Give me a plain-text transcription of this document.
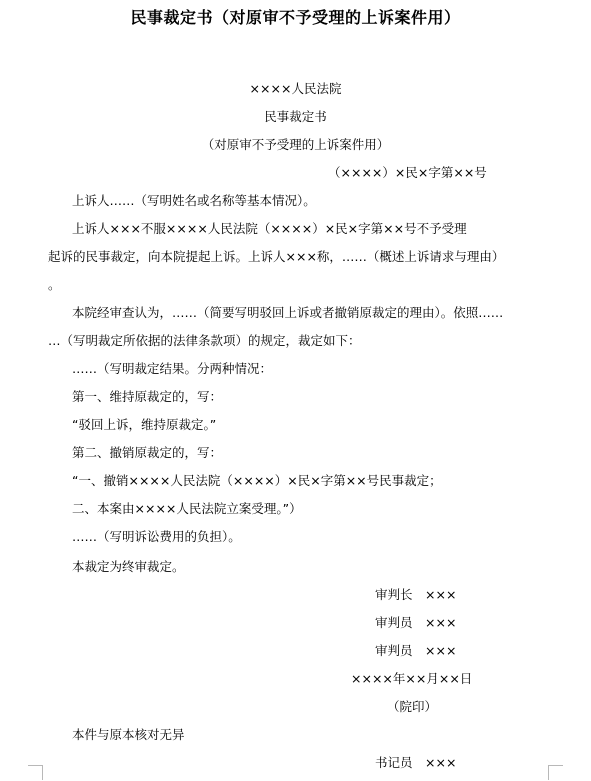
民事裁定书（对原审不予受理的上诉案件用）
××××人民法院
民事裁定书
（对原审不予受理的上诉案件用）
（××××）×民×字第××号
上诉人……（写明姓名或名称等基本情况）。
上诉人×××不服××××人民法院（××××）×民×字第××号不予受理
起诉的民事裁定，向本院提起上诉。上诉人×××称，……（概述上诉请求与理由）
。
本院经审查认为，……（简要写明驳回上诉或者撤销原裁定的理由）。依照……
…（写明裁定所依据的法律条款项）的规定，裁定如下：
……（写明裁定结果。分两种情况：
第一、维持原裁定的，写：
“驳回上诉，维持原裁定。”
第二、撤销原裁定的，写：
“一、撤销××××人民法院（××××）×民×字第××号民事裁定；
二、本案由××××人民法院立案受理。”）
……（写明诉讼费用的负担）。
本裁定为终审裁定。
审判长　×××
审判员　×××
审判员　×××
××××年××月××日
（院印）
本件与原本核对无异
书记员　×××
